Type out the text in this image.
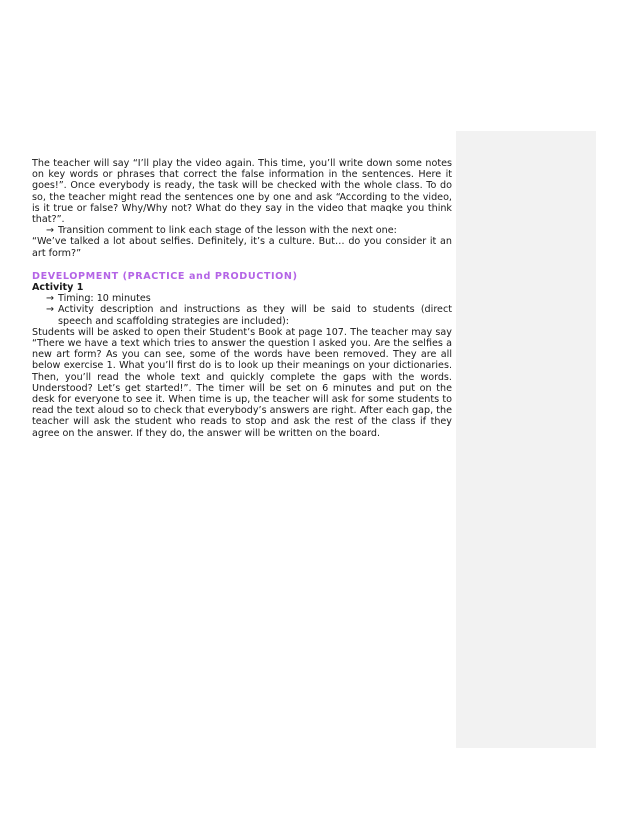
The teacher will say “I’ll play the video again. This time, you’ll write down some notes on key words or phrases that correct the false information in the sentences. Here it goes!”. Once everybody is ready, the task will be checked with the whole class. To do so, the teacher might read the sentences one by one and ask “According to the video, is it true or false? Why/Why not? What do they say in the video that maqke you think that?”.

→ Transition comment to link each stage of the lesson with the next one:

“We’ve talked a lot about selfies. Definitely, it’s a culture. But… do you consider it an art form?”

DEVELOPMENT (PRACTICE and PRODUCTION)

Activity 1

→ Timing: 10 minutes
→ Activity description and instructions as they will be said to students (direct speech and scaffolding strategies are included):

Students will be asked to open their Student’s Book at page 107. The teacher may say “There we have a text which tries to answer the question I asked you. Are the selfies a new art form? As you can see, some of the words have been removed. They are all below exercise 1. What you’ll first do is to look up their meanings on your dictionaries. Then, you’ll read the whole text and quickly complete the gaps with the words. Understood? Let’s get started!”. The timer will be set on 6 minutes and put on the desk for everyone to see it. When time is up, the teacher will ask for some students to read the text aloud so to check that everybody’s answers are right. After each gap, the teacher will ask the student who reads to stop and ask the rest of the class if they agree on the answer. If they do, the answer will be written on the board.
